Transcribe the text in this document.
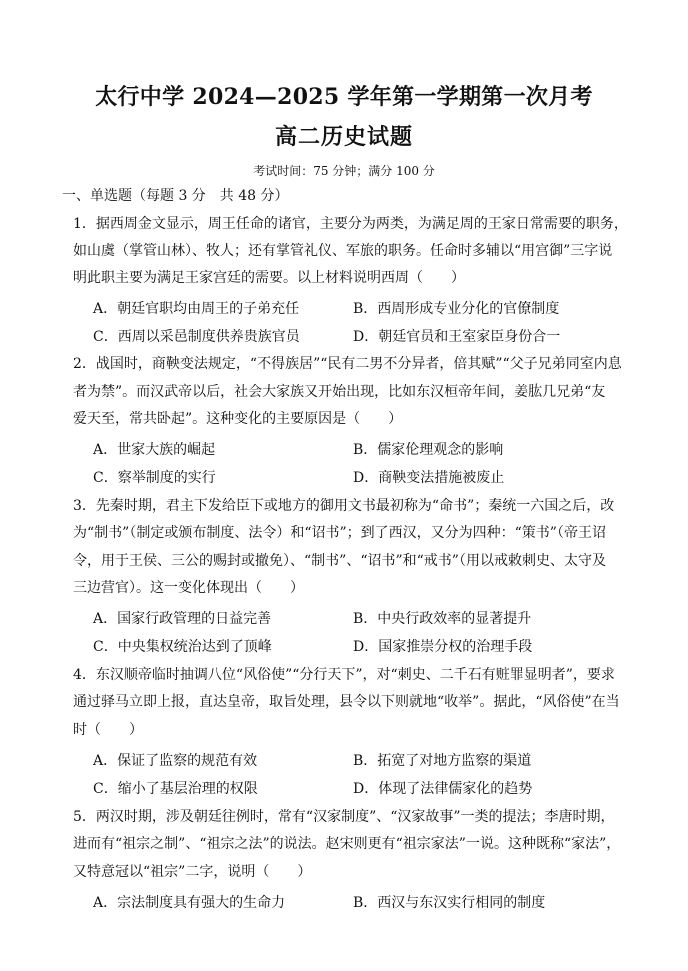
太行中学 2024—2025 学年第一学期第一次月考
高二历史试题
考试时间：75 分钟；满分 100 分
一、单选题（每题 3 分　共 48 分）
1．据西周金文显示，周王任命的诸官，主要分为两类，为满足周的王家日常需要的职务，
如山虞（掌管山林）、牧人；还有掌管礼仪、军旅的职务。任命时多辅以“用宫御”三字说
明此职主要为满足王家宫廷的需要。以上材料说明西周（　　）
A．朝廷官职均由周王的子弟充任	B．西周形成专业分化的官僚制度
C．西周以采邑制度供养贵族官员	D．朝廷官员和王室家臣身份合一
2．战国时，商鞅变法规定，“不得族居”“民有二男不分异者，倍其赋”“父子兄弟同室内息
者为禁”。而汉武帝以后，社会大家族又开始出现，比如东汉桓帝年间，姜肱几兄弟“友
爱天至，常共卧起”。这种变化的主要原因是（　　）
A．世家大族的崛起	B．儒家伦理观念的影响
C．察举制度的实行	D．商鞅变法措施被废止
3．先秦时期，君主下发给臣下或地方的御用文书最初称为“命书”；秦统一六国之后，改
为“制书”（制定或颁布制度、法令）和“诏书”；到了西汉，又分为四种：“策书”（帝王诏
令，用于王侯、三公的赐封或撤免）、“制书”、“诏书”和“戒书”（用以戒敕刺史、太守及
三边营官）。这一变化体现出（　　）
A．国家行政管理的日益完善	B．中央行政效率的显著提升
C．中央集权统治达到了顶峰	D．国家推崇分权的治理手段
4．东汉顺帝临时抽调八位“风俗使”“分行天下”，对“刺史、二千石有赃罪显明者”，要求
通过驿马立即上报，直达皇帝，取旨处理，县令以下则就地“收举”。据此，“风俗使”在当
时（　　）
A．保证了监察的规范有效	B．拓宽了对地方监察的渠道
C．缩小了基层治理的权限	D．体现了法律儒家化的趋势
5．两汉时期，涉及朝廷往例时，常有“汉家制度”、“汉家故事”一类的提法；李唐时期，
进而有“祖宗之制”、“祖宗之法”的说法。赵宋则更有“祖宗家法”一说。这种既称“家法”，
又特意冠以“祖宗”二字，说明（　　）
A．宗法制度具有强大的生命力	B．西汉与东汉实行相同的制度
